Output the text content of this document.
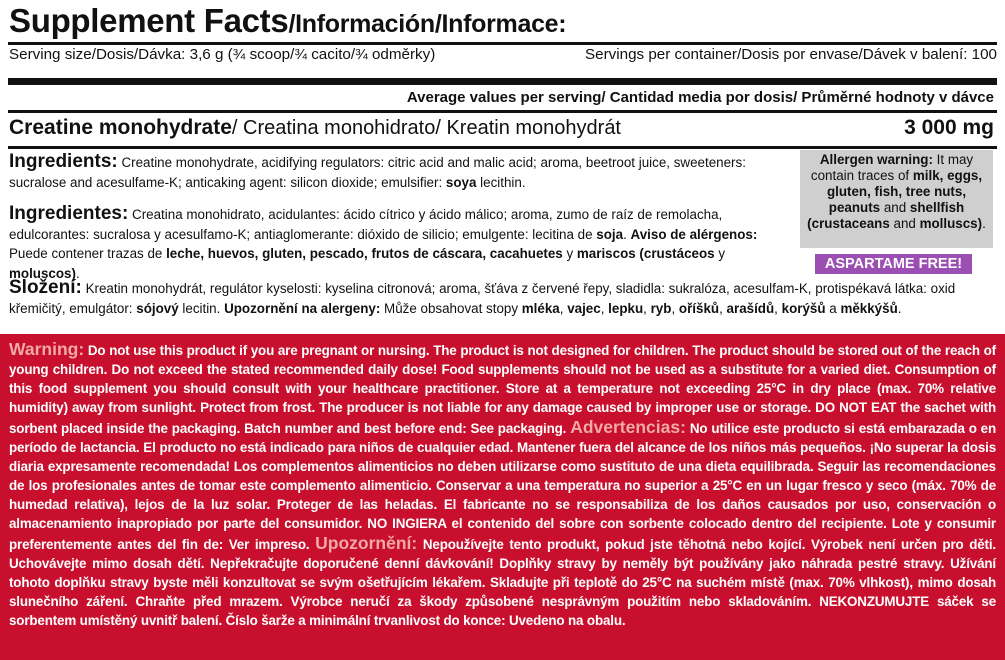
Supplement Facts/Información/Informace:
Serving size/Dosis/Dávka: 3,6 g (¾ scoop/¾ cacito/¾ odměrky)	Servings per container/Dosis por envase/Dávek v balení: 100
Average values per serving/ Cantidad media por dosis/ Průměrné hodnoty v dávce
Creatine monohydrate/ Creatina monohidrato/ Kreatin monohydrát	3 000 mg
Ingredients: Creatine monohydrate, acidifying regulators: citric acid and malic acid; aroma, beetroot juice, sweeteners:
sucralose and acesulfame-K; anticaking agent: silicon dioxide; emulsifier: soya lecithin.
Ingredientes: Creatina monohidrato, acidulantes: ácido cítrico y ácido málico; aroma, zumo de raíz de remolacha,
edulcorantes: sucralosa y acesulfamo-K; antiaglomerante: dióxido de silicio; emulgente: lecitina de soja. Aviso de alérgenos:
Puede contener trazas de leche, huevos, gluten, pescado, frutos de cáscara, cacahuetes y mariscos (crustáceos y moluscos).
Složení: Kreatin monohydrát, regulátor kyselosti: kyselina citronová; aroma, šťáva z červené řepy, sladidla: sukralóza, acesulfam-K, protispékavá látka: oxid
křemičitý, emulgátor: sójový lecitin. Upozornění na alergeny: Může obsahovat stopy mléka, vajec, lepku, ryb, oříšků, arašídů, korýšů a měkkýšů.
Allergen warning: It may contain traces of milk, eggs, gluten, fish, tree nuts, peanuts and shellfish (crustaceans and molluscs).
ASPARTAME FREE!
Warning: Do not use this product if you are pregnant or nursing. The product is not designed for children. The product should be stored out of the reach of young children. Do not exceed the stated recommended daily dose! Food supplements should not be used as a substitute for a varied diet. Consumption of this food supplement you should consult with your healthcare practitioner. Store at a temperature not exceeding 25°C in dry place (max. 70% relative humidity) away from sunlight. Protect from frost. The producer is not liable for any damage caused by improper use or storage. DO NOT EAT the sachet with sorbent placed inside the packaging. Batch number and best before end: See packaging. Advertencias: No utilice este producto si está embarazada o en período de lactancia. El producto no está indicado para niños de cualquier edad. Mantener fuera del alcance de los niños más pequeños. ¡No superar la dosis diaria expresamente recomendada! Los complementos alimenticios no deben utilizarse como sustituto de una dieta equilibrada. Seguir las recomendaciones de los profesionales antes de tomar este complemento alimenticio. Conservar a una temperatura no superior a 25°C en un lugar fresco y seco (máx. 70% de humedad relativa), lejos de la luz solar. Proteger de las heladas. El fabricante no se responsabiliza de los daños causados por uso, conservación o almacenamiento inapropiado por parte del consumidor. NO INGIERA el contenido del sobre con sorbente colocado dentro del recipiente. Lote y consumir preferentemente antes del fin de: Ver impreso. Upozornění: Nepoužívejte tento produkt, pokud jste těhotná nebo kojící. Výrobek není určen pro děti. Uchovávejte mimo dosah dětí. Nepřekračujte doporučené denní dávkování! Doplňky stravy by neměly být používány jako náhrada pestré stravy. Užívání tohoto doplňku stravy byste měli konzultovat se svým ošetřujícím lékařem. Skladujte při teplotě do 25°C na suchém místě (max. 70% vlhkost), mimo dosah slunečního záření. Chraňte před mrazem. Výrobce neručí za škody způsobené nesprávným použitím nebo skladováním. NEKONZUMUJTE sáček se sorbentem umístěný uvnitř balení. Číslo šarže a minimální trvanlivost do konce: Uvedeno na obalu.
